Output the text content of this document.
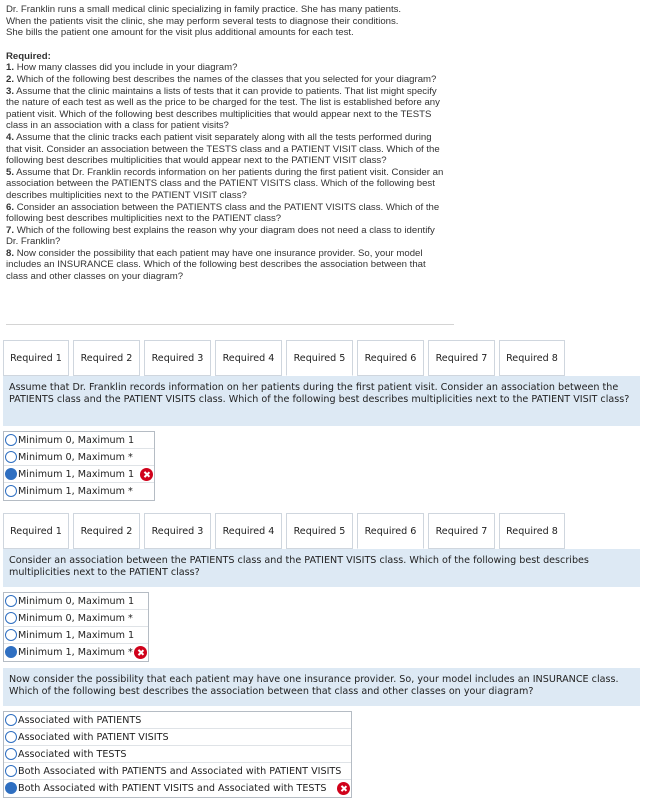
Dr. Franklin runs a small medical clinic specializing in family practice. She has many patients.

When the patients visit the clinic, she may perform several tests to diagnose their conditions.

She bills the patient one amount for the visit plus additional amounts for each test.

Required:

1. How many classes did you include in your diagram?
2. Which of the following best describes the names of the classes that you selected for your diagram?
3. Assume that the clinic maintains a lists of tests that it can provide to patients. That list might specify the nature of each test as well as the price to be charged for the test. The list is established before any patient visit. Which of the following best describes multiplicities that would appear next to the TESTS class in an association with a class for patient visits?
4. Assume that the clinic tracks each patient visit separately along with all the tests performed during that visit. Consider an association between the TESTS class and a PATIENT VISIT class. Which of the following best describes multiplicities that would appear next to the PATIENT VISIT class?
5. Assume that Dr. Franklin records information on her patients during the first patient visit. Consider an association between the PATIENTS class and the PATIENT VISITS class. Which of the following best describes multiplicities next to the PATIENT VISIT class?
6. Consider an association between the PATIENTS class and the PATIENT VISITS class. Which of the following best describes multiplicities next to the PATIENT class?
7. Which of the following best explains the reason why your diagram does not need a class to identify Dr. Franklin?
8. Now consider the possibility that each patient may have one insurance provider. So, your model includes an INSURANCE class. Which of the following best describes the association between that class and other classes on your diagram?
Required 1	Required 2	Required 3	Required 4	Required 5	Required 6	Required 7	Required 8
Assume that Dr. Franklin records information on her patients during the first patient visit. Consider an association between the PATIENTS class and the PATIENT VISITS class. Which of the following best describes multiplicities next to the PATIENT VISIT class?
Minimum 0, Maximum 1
Minimum 0, Maximum *
Minimum 1, Maximum 1
Minimum 1, Maximum *
Required 1	Required 2	Required 3	Required 4	Required 5	Required 6	Required 7	Required 8
Consider an association between the PATIENTS class and the PATIENT VISITS class. Which of the following best describes multiplicities next to the PATIENT class?
Minimum 0, Maximum 1
Minimum 0, Maximum *
Minimum 1, Maximum 1
Minimum 1, Maximum *
Now consider the possibility that each patient may have one insurance provider. So, your model includes an INSURANCE class. Which of the following best describes the association between that class and other classes on your diagram?
Associated with PATIENTS
Associated with PATIENT VISITS
Associated with TESTS
Both Associated with PATIENTS and Associated with PATIENT VISITS
Both Associated with PATIENT VISITS and Associated with TESTS
